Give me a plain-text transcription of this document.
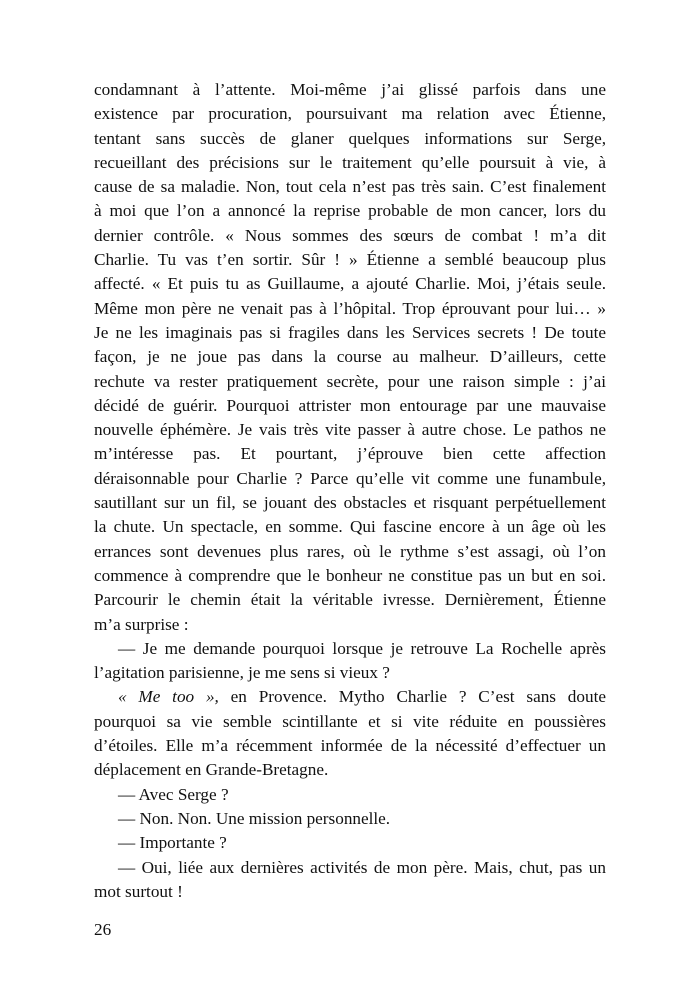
condamnant à l’attente. Moi-même j’ai glissé parfois dans une
existence par procuration, poursuivant ma relation avec Étienne,
tentant sans succès de glaner quelques informations sur Serge,
recueillant des précisions sur le traitement qu’elle poursuit à vie, à
cause de sa maladie. Non, tout cela n’est pas très sain. C’est finalement
à moi que l’on a annoncé la reprise probable de mon cancer, lors du
dernier contrôle. « Nous sommes des sœurs de combat ! m’a dit
Charlie. Tu vas t’en sortir. Sûr ! » Étienne a semblé beaucoup plus
affecté. « Et puis tu as Guillaume, a ajouté Charlie. Moi, j’étais seule.
Même mon père ne venait pas à l’hôpital. Trop éprouvant pour lui… »
Je ne les imaginais pas si fragiles dans les Services secrets ! De toute
façon, je ne joue pas dans la course au malheur. D’ailleurs, cette
rechute va rester pratiquement secrète, pour une raison simple : j’ai
décidé de guérir. Pourquoi attrister mon entourage par une mauvaise
nouvelle éphémère. Je vais très vite passer à autre chose. Le pathos ne
m’intéresse pas. Et pourtant, j’éprouve bien cette affection
déraisonnable pour Charlie ? Parce qu’elle vit comme une funambule,
sautillant sur un fil, se jouant des obstacles et risquant perpétuellement
la chute. Un spectacle, en somme. Qui fascine encore à un âge où les
errances sont devenues plus rares, où le rythme s’est assagi, où l’on
commence à comprendre que le bonheur ne constitue pas un but en soi.
Parcourir le chemin était la véritable ivresse. Dernièrement, Étienne
m’a surprise :
— Je me demande pourquoi lorsque je retrouve La Rochelle après
l’agitation parisienne, je me sens si vieux ?
« Me too », en Provence. Mytho Charlie ? C’est sans doute
pourquoi sa vie semble scintillante et si vite réduite en poussières
d’étoiles. Elle m’a récemment informée de la nécessité d’effectuer un
déplacement en Grande-Bretagne.
— Avec Serge ?
— Non. Non. Une mission personnelle.
— Importante ?
— Oui, liée aux dernières activités de mon père. Mais, chut, pas un
mot surtout !
26
